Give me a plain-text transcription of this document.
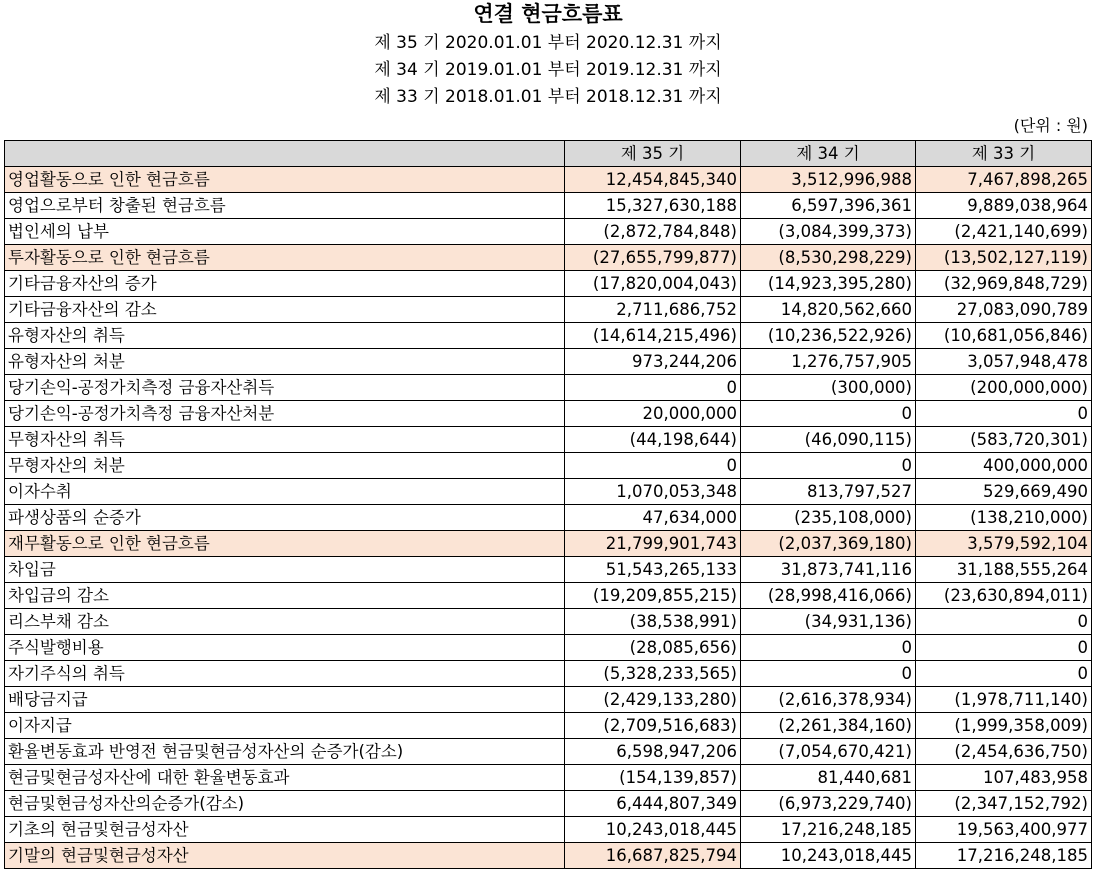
연결 현금흐름표
제 35 기 2020.01.01 부터 2020.12.31 까지
제 34 기 2019.01.01 부터 2019.12.31 까지
제 33 기 2018.01.01 부터 2018.12.31 까지
(단위 : 원)
	제 35 기	제 34 기	제 33 기
영업활동으로 인한 현금흐름	12,454,845,340	3,512,996,988	7,467,898,265
영업으로부터 창출된 현금흐름	15,327,630,188	6,597,396,361	9,889,038,964
법인세의 납부	(2,872,784,848)	(3,084,399,373)	(2,421,140,699)
투자활동으로 인한 현금흐름	(27,655,799,877)	(8,530,298,229)	(13,502,127,119)
기타금융자산의 증가	(17,820,004,043)	(14,923,395,280)	(32,969,848,729)
기타금융자산의 감소	2,711,686,752	14,820,562,660	27,083,090,789
유형자산의 취득	(14,614,215,496)	(10,236,522,926)	(10,681,056,846)
유형자산의 처분	973,244,206	1,276,757,905	3,057,948,478
당기손익-공정가치측정 금융자산취득	0	(300,000)	(200,000,000)
당기손익-공정가치측정 금융자산처분	20,000,000	0	0
무형자산의 취득	(44,198,644)	(46,090,115)	(583,720,301)
무형자산의 처분	0	0	400,000,000
이자수취	1,070,053,348	813,797,527	529,669,490
파생상품의 순증가	47,634,000	(235,108,000)	(138,210,000)
재무활동으로 인한 현금흐름	21,799,901,743	(2,037,369,180)	3,579,592,104
차입금	51,543,265,133	31,873,741,116	31,188,555,264
차입금의 감소	(19,209,855,215)	(28,998,416,066)	(23,630,894,011)
리스부채 감소	(38,538,991)	(34,931,136)	0
주식발행비용	(28,085,656)	0	0
자기주식의 취득	(5,328,233,565)	0	0
배당금지급	(2,429,133,280)	(2,616,378,934)	(1,978,711,140)
이자지급	(2,709,516,683)	(2,261,384,160)	(1,999,358,009)
환율변동효과 반영전 현금및현금성자산의 순증가(감소)	6,598,947,206	(7,054,670,421)	(2,454,636,750)
현금및현금성자산에 대한 환율변동효과	(154,139,857)	81,440,681	107,483,958
현금및현금성자산의순증가(감소)	6,444,807,349	(6,973,229,740)	(2,347,152,792)
기초의 현금및현금성자산	10,243,018,445	17,216,248,185	19,563,400,977
기말의 현금및현금성자산	16,687,825,794	10,243,018,445	17,216,248,185
